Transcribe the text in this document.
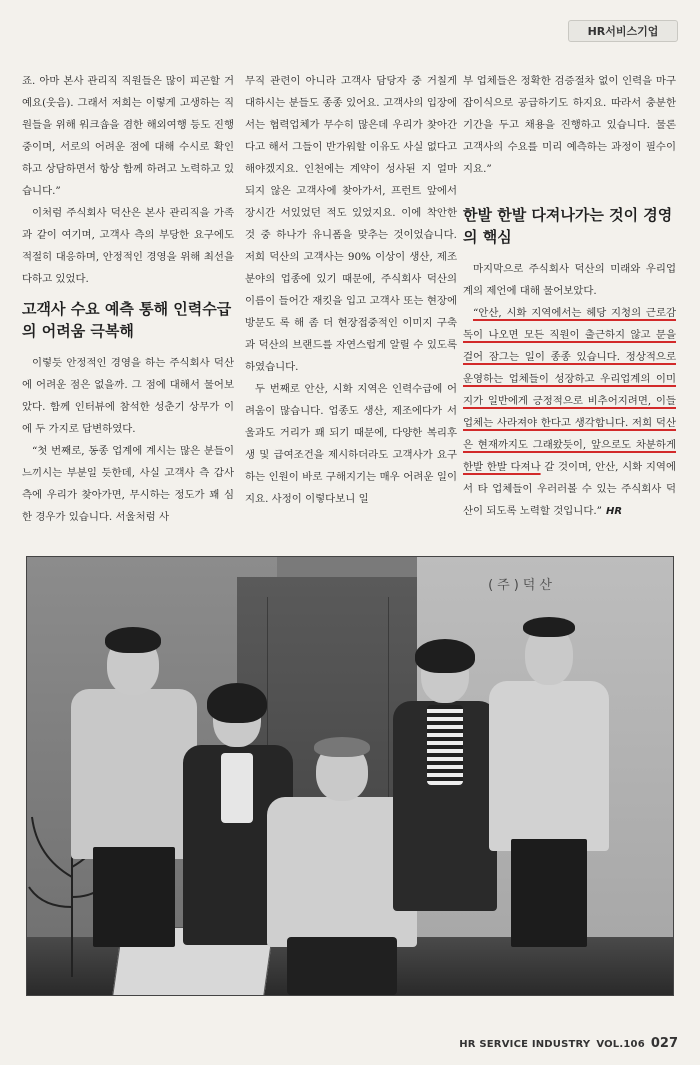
HR서비스기업

죠. 아마 본사 관리직 직원들은 많이 피곤할 거예요(웃음). 그래서 저희는 이렇게 고생하는 직원들을 위해 워크숍을 겸한 해외여행 등도 진행 중이며, 서로의 어려운 점에 대해 수시로 확인하고 상담하면서 항상 함께 하려고 노력하고 있습니다.”

이처럼 주식회사 덕산은 본사 관리직을 가족과 같이 여기며, 고객사 측의 부당한 요구에도 적절히 대응하며, 안정적인 경영을 위해 최선을 다하고 있었다.

고객사 수요 예측 통해 인력수급의 어려움 극복해

이렇듯 안정적인 경영을 하는 주식회사 덕산에 어려운 점은 없을까. 그 점에 대해서 물어보았다. 함께 인터뷰에 참석한 성춘기 상무가 이에 두 가지로 답변하였다.

“첫 번째로, 동종 업계에 계시는 많은 분들이 느끼시는 부분일 듯한데, 사실 고객사 측 갑사 측에 우리가 찾아가면, 무시하는 정도가 꽤 심한 경우가 있습니다. 서울처럼 사

무직 관련이 아니라 고객사 담당자 중 거칠게 대하시는 분들도 종종 있어요. 고객사의 입장에서는 협력업체가 무수히 많은데 우리가 찾아간다고 해서 그들이 반가워할 이유도 사실 없다고 해야겠지요. 인천에는 계약이 성사된 지 얼마 되지 않은 고객사에 찾아가서, 프런트 앞에서 장시간 서있었던 적도 있었지요. 이에 착안한 것 중 하나가 유니폼을 맞추는 것이었습니다. 저희 덕산의 고객사는 90% 이상이 생산, 제조 분야의 업종에 있기 때문에, 주식회사 덕산의 이름이 들어간 재킷을 입고 고객사 또는 현장에 방문도 록 해 좀 더 현장접중적인 이미지 구축과 덕산의 브랜드를 자연스럽게 알릴 수 있도록 하였습니다.

두 번째로 안산, 시화 지역은 인력수급에 어려움이 많습니다. 업종도 생산, 제조에다가 서울과도 거리가 꽤 되기 때문에, 다양한 복리후생 및 급여조건을 제시하더라도 고객사가 요구하는 인원이 바로 구해지기는 매우 어려운 일이지요. 사정이 이렇다보니 일

부 업체들은 정확한 검증절차 없이 인력을 마구잡이식으로 공급하기도 하지요. 따라서 충분한 기간을 두고 채용을 진행하고 있습니다. 물론 고객사의 수요를 미리 예측하는 과정이 필수이지요.”

한발 한발 다져나가는 것이 경영의 핵심

마지막으로 주식회사 덕산의 미래와 우리업계의 제언에 대해 물어보았다.

“안산, 시화 지역에서는 헤당 지청의 근로감독이 나오면 모든 직원이 출근하지 않고 문을 걸어 잠그는 일이 종종 있습니다. 정상적으로 운영하는 업체들이 성장하고 우리업계의 이미지가 일반에게 긍정적으로 비추어지려면, 이들 업체는 사라져야 한다고 생각합니다. 저희 덕산은 현재까지도 그래왔듯이, 앞으로도 차분하게 한발 한발 다져나 갈 것이며, 안산, 시화 지역에서 타 업체들이 우러러볼 수 있는 주식회사 덕산이 되도록 노력할 것입니다.” HR

(주)덕산
HR SERVICE INDUSTRY VOL.106 027
